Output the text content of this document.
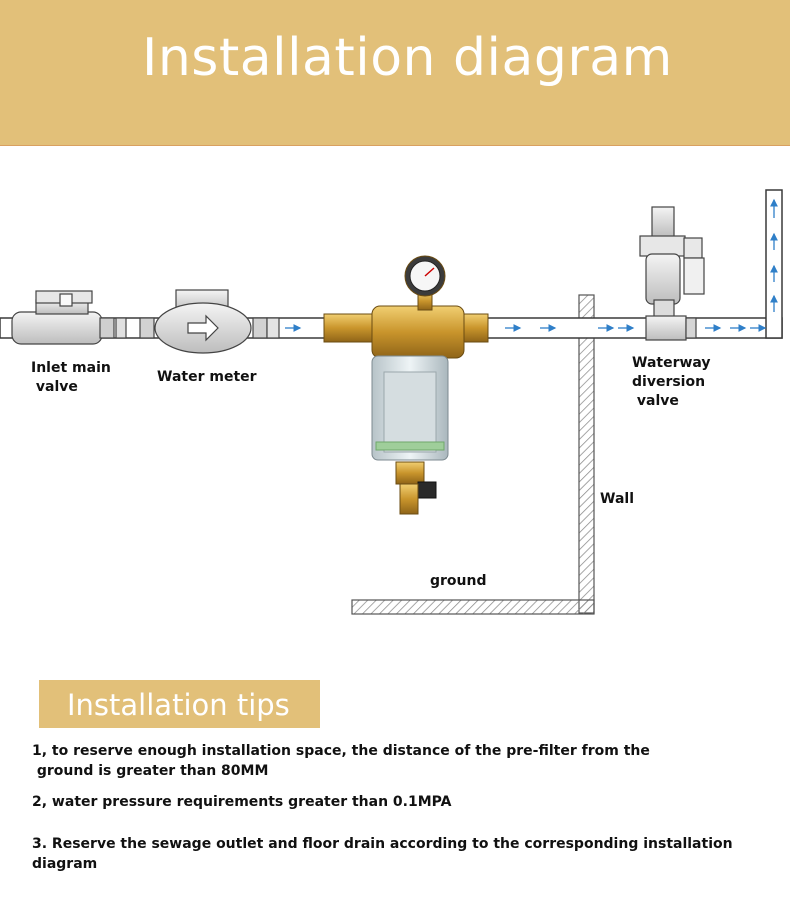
Installation diagram
Inlet main
valve
Water meter
Waterway
diversion
valve
Wall
ground
Installation tips
1, to reserve enough installation space, the distance of the pre-filter from the
ground is greater than 80MM
2, water pressure requirements greater than 0.1MPA
3. Reserve the sewage outlet and floor drain according to the corresponding installation diagram
